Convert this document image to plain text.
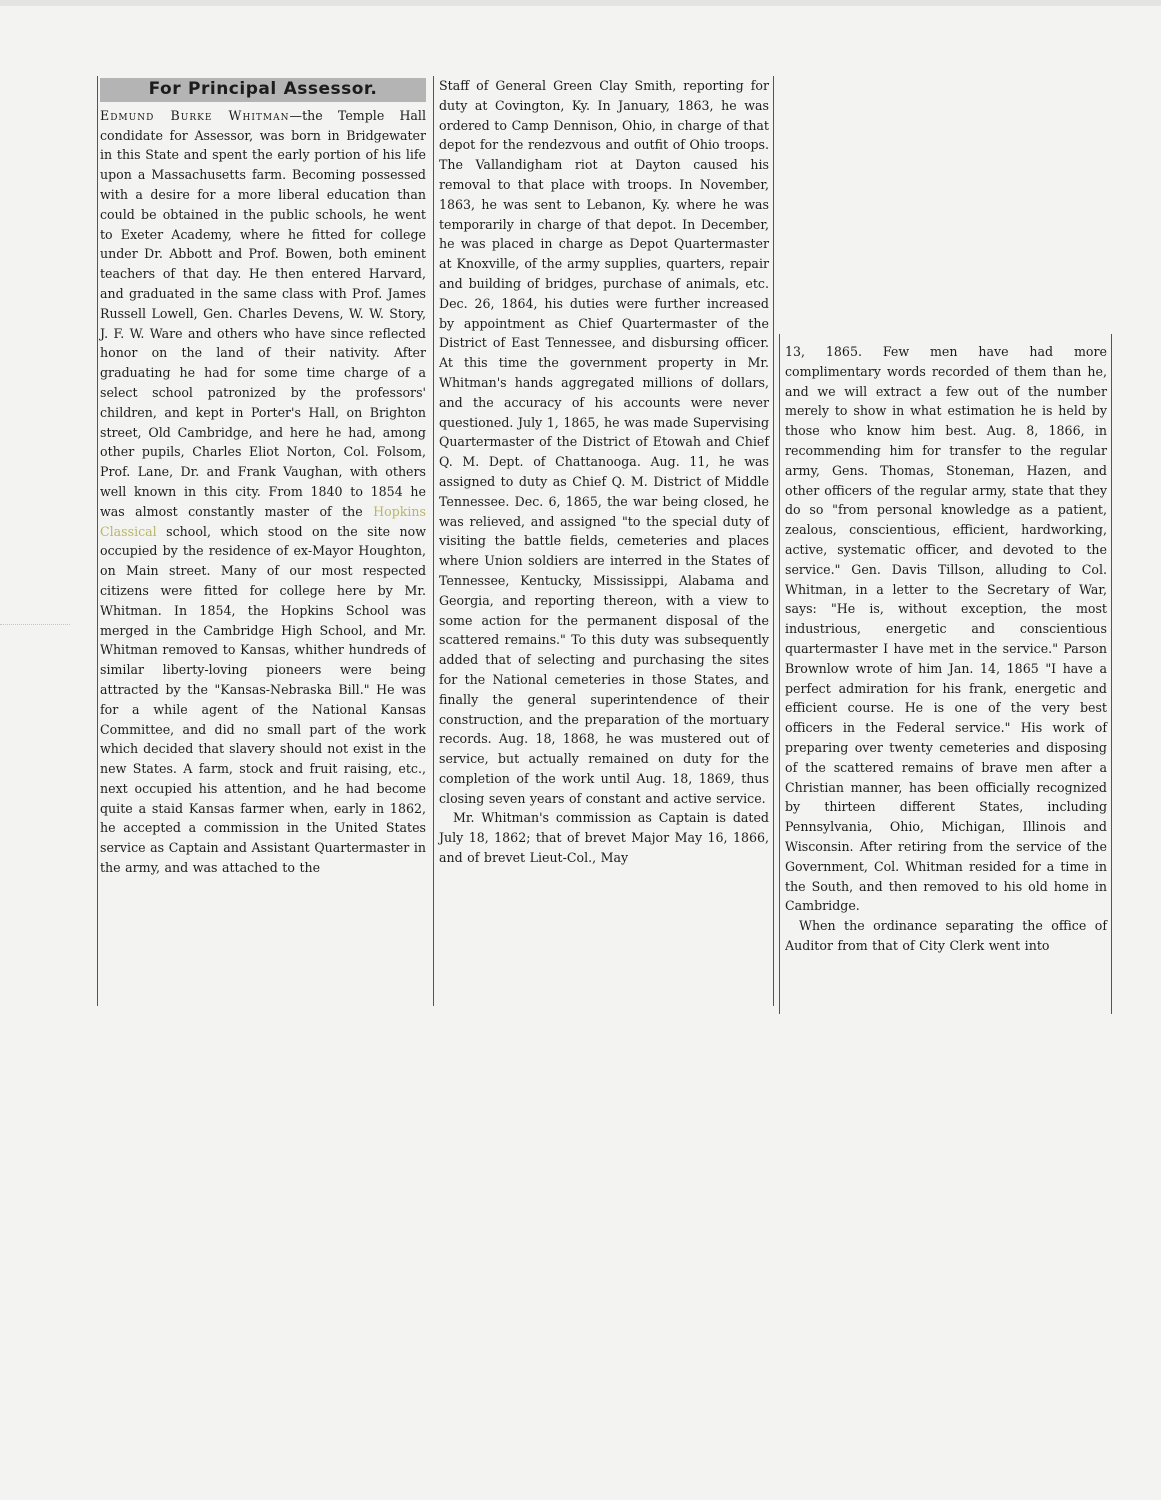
For Principal Assessor.

Edmund Burke Whitman—the Temple Hall condidate for Assessor, was born in Bridgewater in this State and spent the early portion of his life upon a Massachusetts farm. Becoming possessed with a desire for a more liberal education than could be obtained in the public schools, he went to Exeter Academy, where he fitted for college under Dr. Abbott and Prof. Bowen, both eminent teachers of that day. He then entered Harvard, and graduated in the same class with Prof. James Russell Lowell, Gen. Charles Devens, W. W. Story, J. F. W. Ware and others who have since reflected honor on the land of their nativity. After graduating he had for some time charge of a select school patronized by the professors' children, and kept in Porter's Hall, on Brighton street, Old Cambridge, and here he had, among other pupils, Charles Eliot Norton, Col. Folsom, Prof. Lane, Dr. and Frank Vaughan, with others well known in this city. From 1840 to 1854 he was almost constantly master of the Hopkins Classical school, which stood on the site now occupied by the residence of ex-Mayor Houghton, on Main street. Many of our most respected citizens were fitted for college here by Mr. Whitman. In 1854, the Hopkins School was merged in the Cambridge High School, and Mr. Whitman removed to Kansas, whither hundreds of similar liberty-loving pioneers were being attracted by the "Kansas-Nebraska Bill." He was for a while agent of the National Kansas Committee, and did no small part of the work which decided that slavery should not exist in the new States. A farm, stock and fruit raising, etc., next occupied his attention, and he had become quite a staid Kansas farmer when, early in 1862, he accepted a commission in the United States service as Captain and Assistant Quartermaster in the army, and was attached to the

Staff of General Green Clay Smith, reporting for duty at Covington, Ky. In January, 1863, he was ordered to Camp Dennison, Ohio, in charge of that depot for the rendezvous and outfit of Ohio troops. The Vallandigham riot at Dayton caused his removal to that place with troops. In November, 1863, he was sent to Lebanon, Ky. where he was temporarily in charge of that depot. In December, he was placed in charge as Depot Quartermaster at Knoxville, of the army supplies, quarters, repair and building of bridges, purchase of animals, etc. Dec. 26, 1864, his duties were further increased by appointment as Chief Quartermaster of the District of East Tennessee, and disbursing officer. At this time the government property in Mr. Whitman's hands aggregated millions of dollars, and the accuracy of his accounts were never questioned. July 1, 1865, he was made Supervising Quartermaster of the District of Etowah and Chief Q. M. Dept. of Chattanooga. Aug. 11, he was assigned to duty as Chief Q. M. District of Middle Tennessee. Dec. 6, 1865, the war being closed, he was relieved, and assigned "to the special duty of visiting the battle fields, cemeteries and places where Union soldiers are interred in the States of Tennessee, Kentucky, Mississippi, Alabama and Georgia, and reporting thereon, with a view to some action for the permanent disposal of the scattered remains." To this duty was subsequently added that of selecting and purchasing the sites for the National cemeteries in those States, and finally the general superintendence of their construction, and the preparation of the mortuary records. Aug. 18, 1868, he was mustered out of service, but actually remained on duty for the completion of the work until Aug. 18, 1869, thus closing seven years of constant and active service.

Mr. Whitman's commission as Captain is dated July 18, 1862; that of brevet Major May 16, 1866, and of brevet Lieut-Col., May

13, 1865. Few men have had more complimentary words recorded of them than he, and we will extract a few out of the number merely to show in what estimation he is held by those who know him best. Aug. 8, 1866, in recommending him for transfer to the regular army, Gens. Thomas, Stoneman, Hazen, and other officers of the regular army, state that they do so "from personal knowledge as a patient, zealous, conscientious, efficient, hardworking, active, systematic officer, and devoted to the service." Gen. Davis Tillson, alluding to Col. Whitman, in a letter to the Secretary of War, says: "He is, without exception, the most industrious, energetic and conscientious quartermaster I have met in the service." Parson Brownlow wrote of him Jan. 14, 1865 "I have a perfect admiration for his frank, energetic and efficient course. He is one of the very best officers in the Federal service." His work of preparing over twenty cemeteries and disposing of the scattered remains of brave men after a Christian manner, has been officially recognized by thirteen different States, including Pennsylvania, Ohio, Michigan, Illinois and Wisconsin. After retiring from the service of the Government, Col. Whitman resided for a time in the South, and then removed to his old home in Cambridge.

When the ordinance separating the office of Auditor from that of City Clerk went into
